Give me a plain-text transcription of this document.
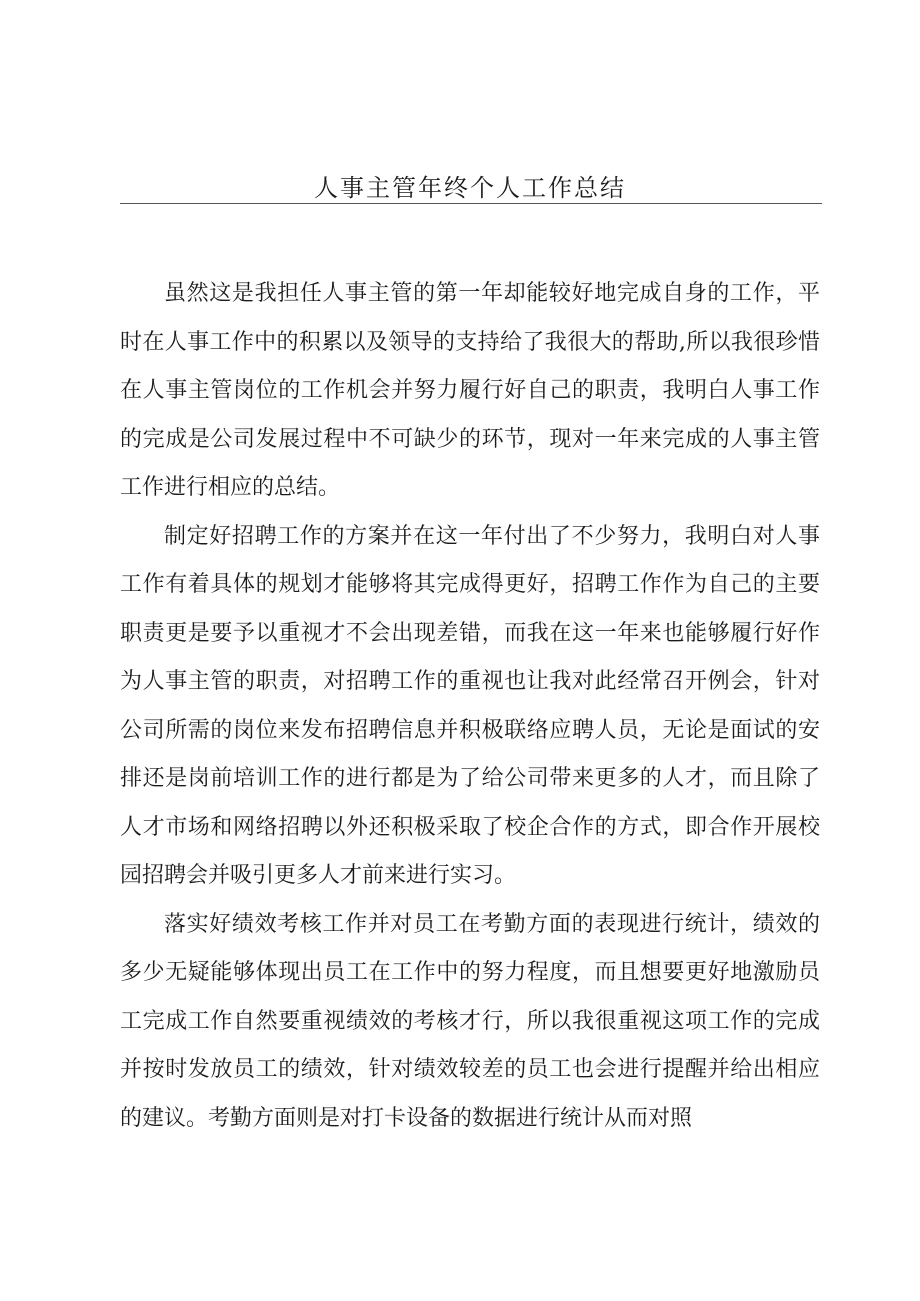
人事主管年终个人工作总结

虽然这是我担任人事主管的第一年却能较好地完成自身的工作，平时在人事工作中的积累以及领导的支持给了我很大的帮助,所以我很珍惜在人事主管岗位的工作机会并努力履行好自己的职责，我明白人事工作的完成是公司发展过程中不可缺少的环节，现对一年来完成的人事主管工作进行相应的总结。

制定好招聘工作的方案并在这一年付出了不少努力，我明白对人事工作有着具体的规划才能够将其完成得更好，招聘工作作为自己的主要职责更是要予以重视才不会出现差错，而我在这一年来也能够履行好作为人事主管的职责，对招聘工作的重视也让我对此经常召开例会，针对公司所需的岗位来发布招聘信息并积极联络应聘人员，无论是面试的安排还是岗前培训工作的进行都是为了给公司带来更多的人才，而且除了人才市场和网络招聘以外还积极采取了校企合作的方式，即合作开展校园招聘会并吸引更多人才前来进行实习。

落实好绩效考核工作并对员工在考勤方面的表现进行统计，绩效的多少无疑能够体现出员工在工作中的努力程度，而且想要更好地激励员工完成工作自然要重视绩效的考核才行，所以我很重视这项工作的完成并按时发放员工的绩效，针对绩效较差的员工也会进行提醒并给出相应的建议。考勤方面则是对打卡设备的数据进行统计从而对照
